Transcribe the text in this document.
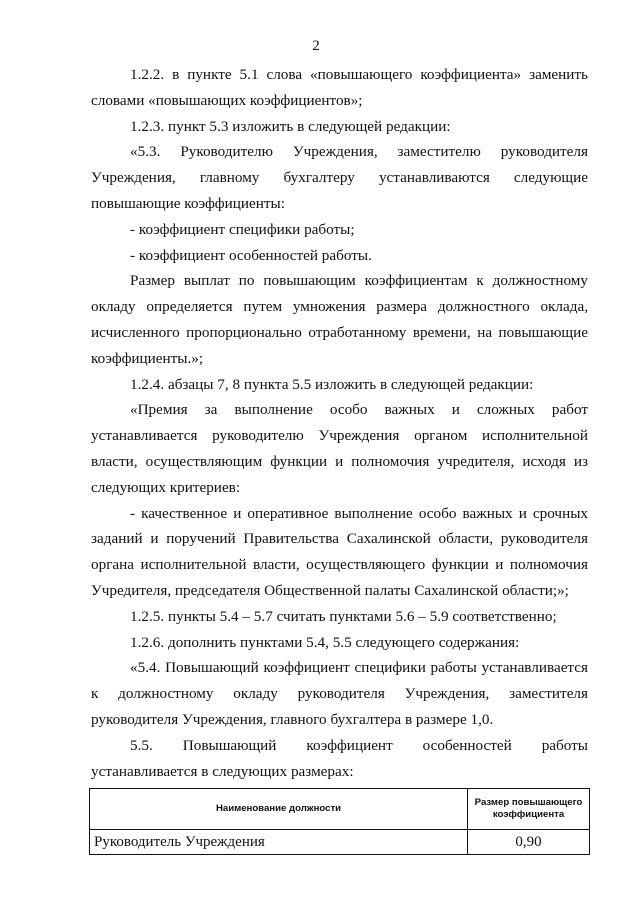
2

1.2.2. в пункте 5.1 слова «повышающего коэффициента» заменить словами «повышающих коэффициентов»;

1.2.3. пункт 5.3 изложить в следующей редакции:

«5.3. Руководителю Учреждения, заместителю руководителя Учреждения, главному бухгалтеру устанавливаются следующие повышающие коэффициенты:

- коэффициент специфики работы;

- коэффициент особенностей работы.

Размер выплат по повышающим коэффициентам к должностному окладу определяется путем умножения размера должностного оклада, исчисленного пропорционально отработанному времени, на повышающие коэффициенты.»;

1.2.4. абзацы 7, 8 пункта 5.5 изложить в следующей редакции:

«Премия за выполнение особо важных и сложных работ устанавливается руководителю Учреждения органом исполнительной власти, осуществляющим функции и полномочия учредителя, исходя из следующих критериев:

- качественное и оперативное выполнение особо важных и срочных заданий и поручений Правительства Сахалинской области, руководителя органа исполнительной власти, осуществляющего функции и полномочия Учредителя, председателя Общественной палаты Сахалинской области;»;

1.2.5. пункты 5.4 – 5.7 считать пунктами 5.6 – 5.9 соответственно;

1.2.6. дополнить пунктами 5.4, 5.5 следующего содержания:

«5.4. Повышающий коэффициент специфики работы устанавливается к должностному окладу руководителя Учреждения, заместителя руководителя Учреждения, главного бухгалтера в размере 1,0.

5.5. Повышающий коэффициент особенностей работы устанавливается в следующих размерах:

Наименование должности	Размер повышающего коэффициента
Руководитель Учреждения	0,90
